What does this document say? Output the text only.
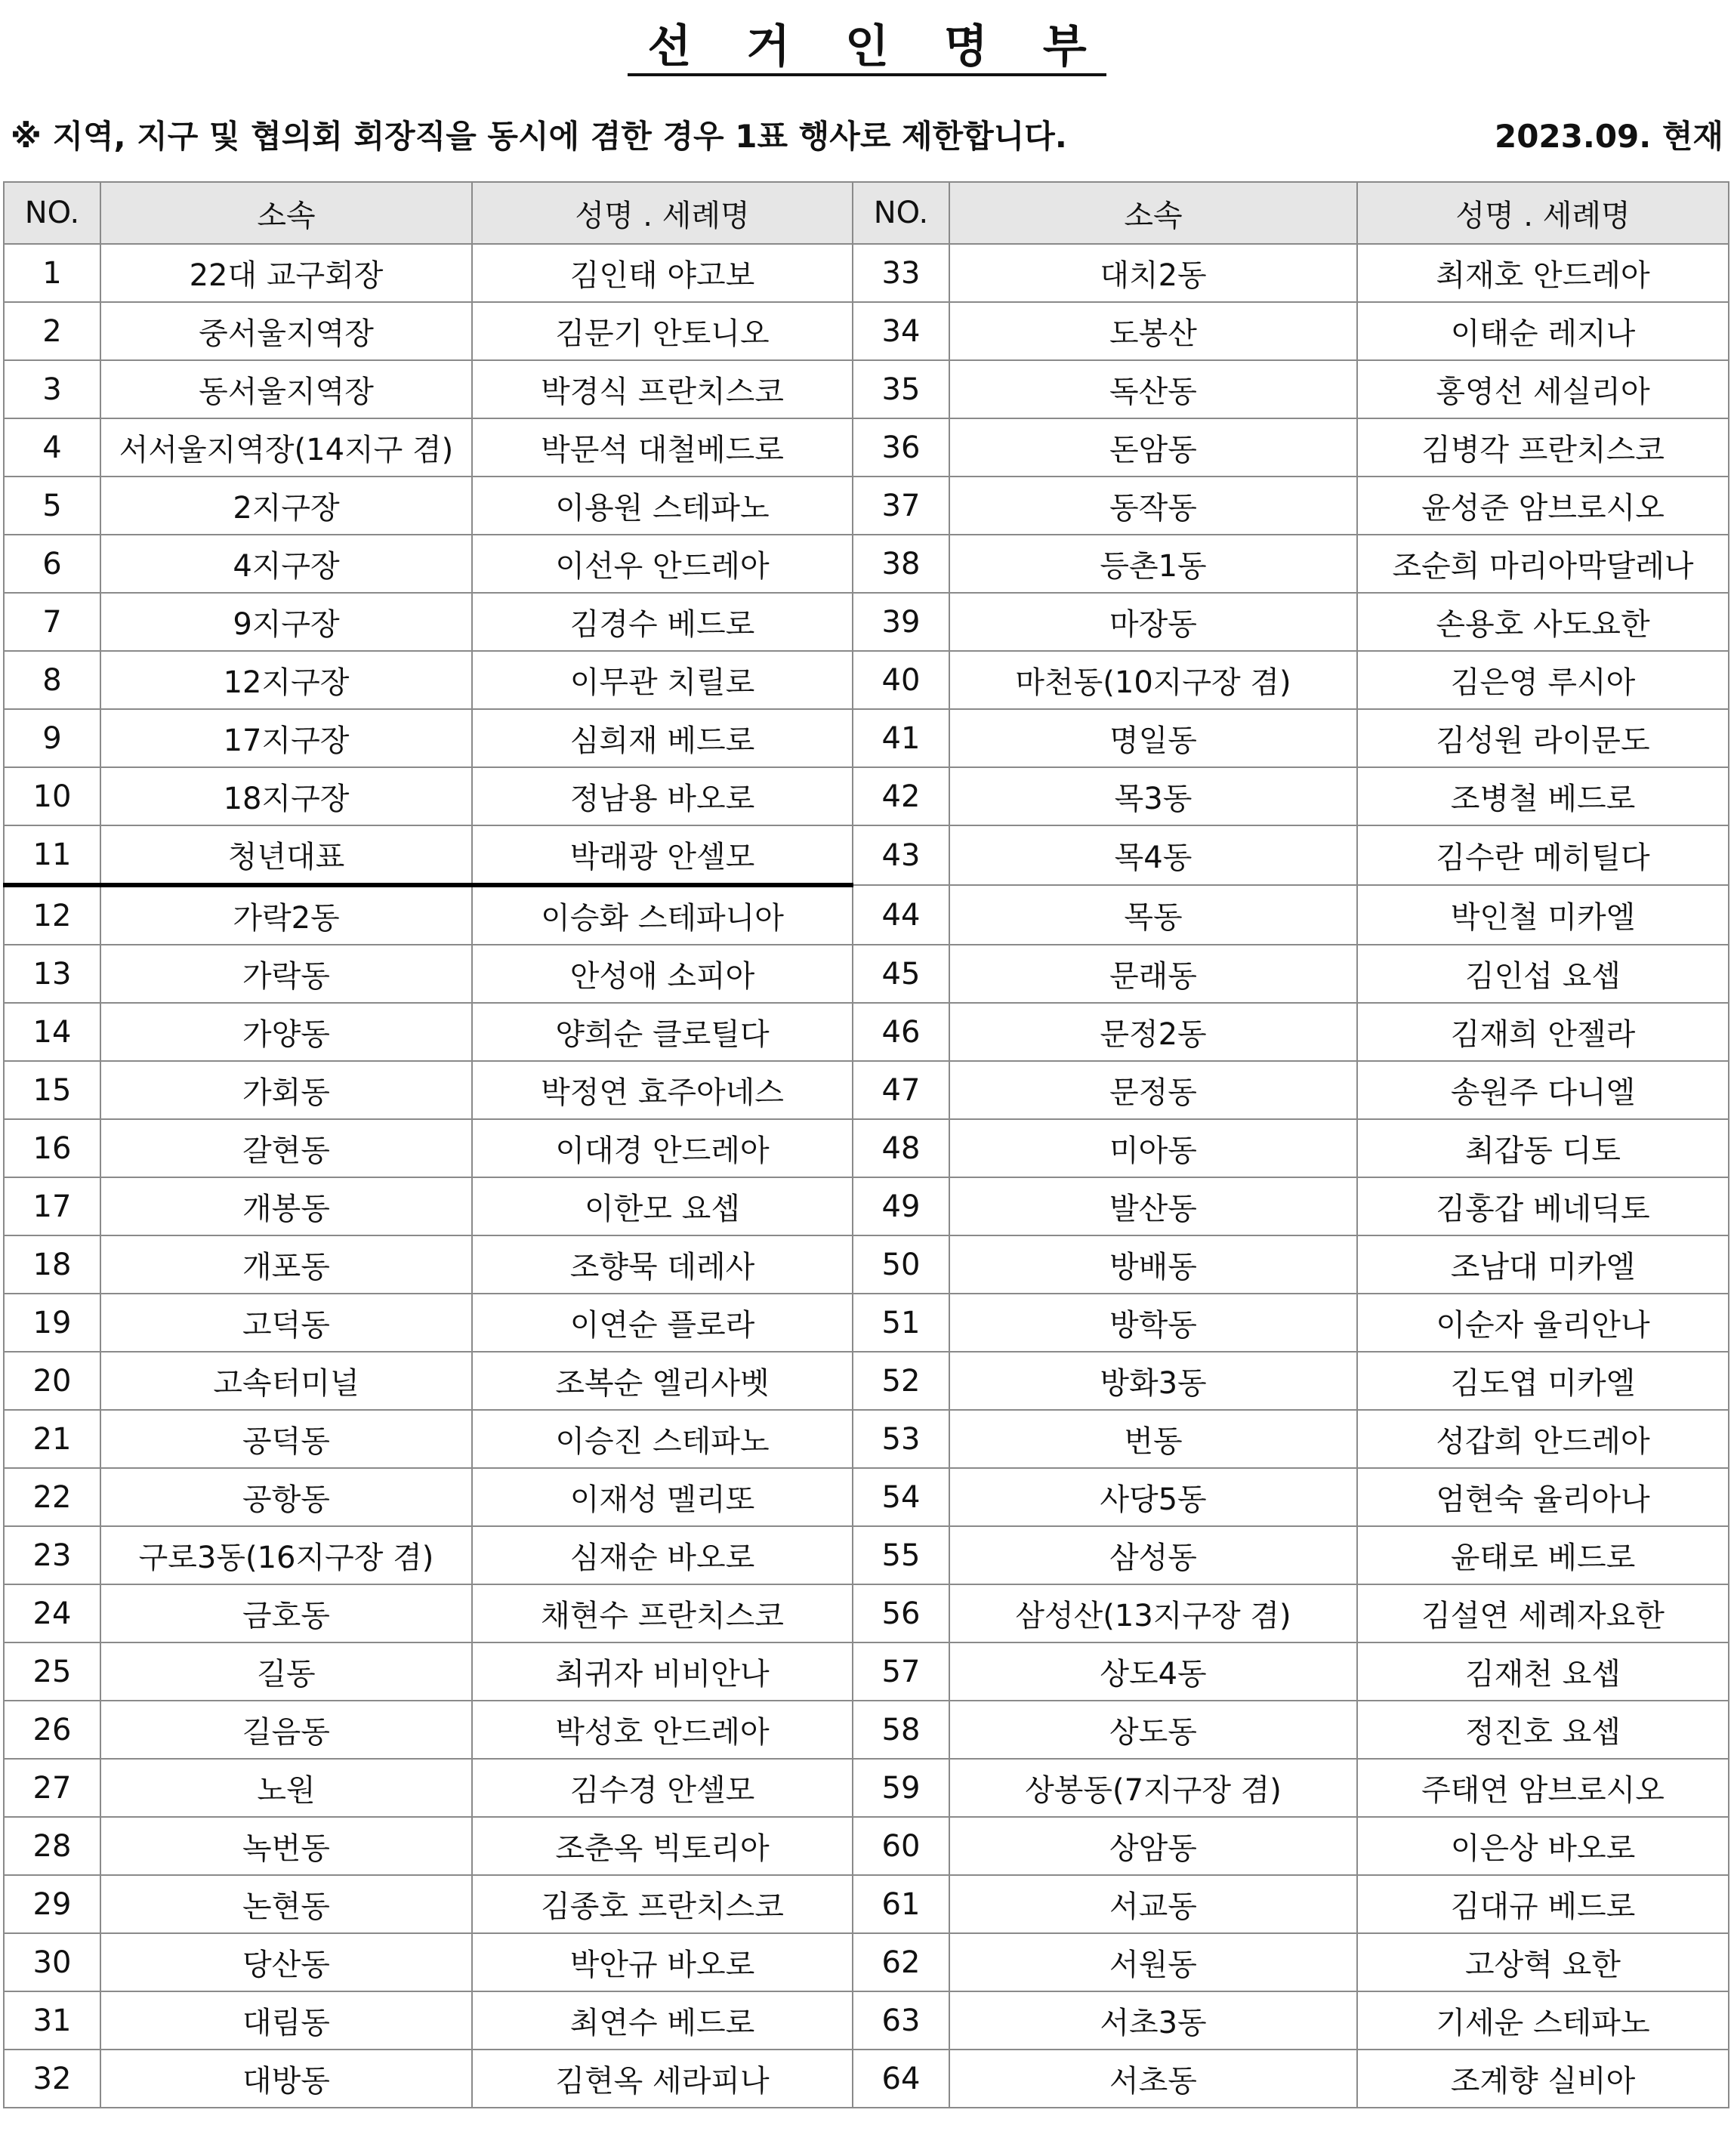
선 거 인 명 부
※ 지역, 지구 및 협의회 회장직을 동시에 겸한 경우 1표 행사로 제한합니다.	2023.09. 현재
NO.	소속	성명 . 세례명	NO.	소속	성명 . 세례명
1	22대 교구회장	김인태 야고보	33	대치2동	최재호 안드레아
2	중서울지역장	김문기 안토니오	34	도봉산	이태순 레지나
3	동서울지역장	박경식 프란치스코	35	독산동	홍영선 세실리아
4	서서울지역장(14지구 겸)	박문석 대철베드로	36	돈암동	김병각 프란치스코
5	2지구장	이용원 스테파노	37	동작동	윤성준 암브로시오
6	4지구장	이선우 안드레아	38	등촌1동	조순희 마리아막달레나
7	9지구장	김경수 베드로	39	마장동	손용호 사도요한
8	12지구장	이무관 치릴로	40	마천동(10지구장 겸)	김은영 루시아
9	17지구장	심희재 베드로	41	명일동	김성원 라이문도
10	18지구장	정남용 바오로	42	목3동	조병철 베드로
11	청년대표	박래광 안셀모	43	목4동	김수란 메히틸다
12	가락2동	이승화 스테파니아	44	목동	박인철 미카엘
13	가락동	안성애 소피아	45	문래동	김인섭 요셉
14	가양동	양희순 클로틸다	46	문정2동	김재희 안젤라
15	가회동	박정연 효주아네스	47	문정동	송원주 다니엘
16	갈현동	이대경 안드레아	48	미아동	최갑동 디토
17	개봉동	이한모 요셉	49	발산동	김홍갑 베네딕토
18	개포동	조향묵 데레사	50	방배동	조남대 미카엘
19	고덕동	이연순 플로라	51	방학동	이순자 율리안나
20	고속터미널	조복순 엘리사벳	52	방화3동	김도엽 미카엘
21	공덕동	이승진 스테파노	53	번동	성갑희 안드레아
22	공항동	이재성 멜리또	54	사당5동	엄현숙 율리아나
23	구로3동(16지구장 겸)	심재순 바오로	55	삼성동	윤태로 베드로
24	금호동	채현수 프란치스코	56	삼성산(13지구장 겸)	김설연 세례자요한
25	길동	최귀자 비비안나	57	상도4동	김재천 요셉
26	길음동	박성호 안드레아	58	상도동	정진호 요셉
27	노원	김수경 안셀모	59	상봉동(7지구장 겸)	주태연 암브로시오
28	녹번동	조춘옥 빅토리아	60	상암동	이은상 바오로
29	논현동	김종호 프란치스코	61	서교동	김대규 베드로
30	당산동	박안규 바오로	62	서원동	고상혁 요한
31	대림동	최연수 베드로	63	서초3동	기세운 스테파노
32	대방동	김현옥 세라피나	64	서초동	조계향 실비아
